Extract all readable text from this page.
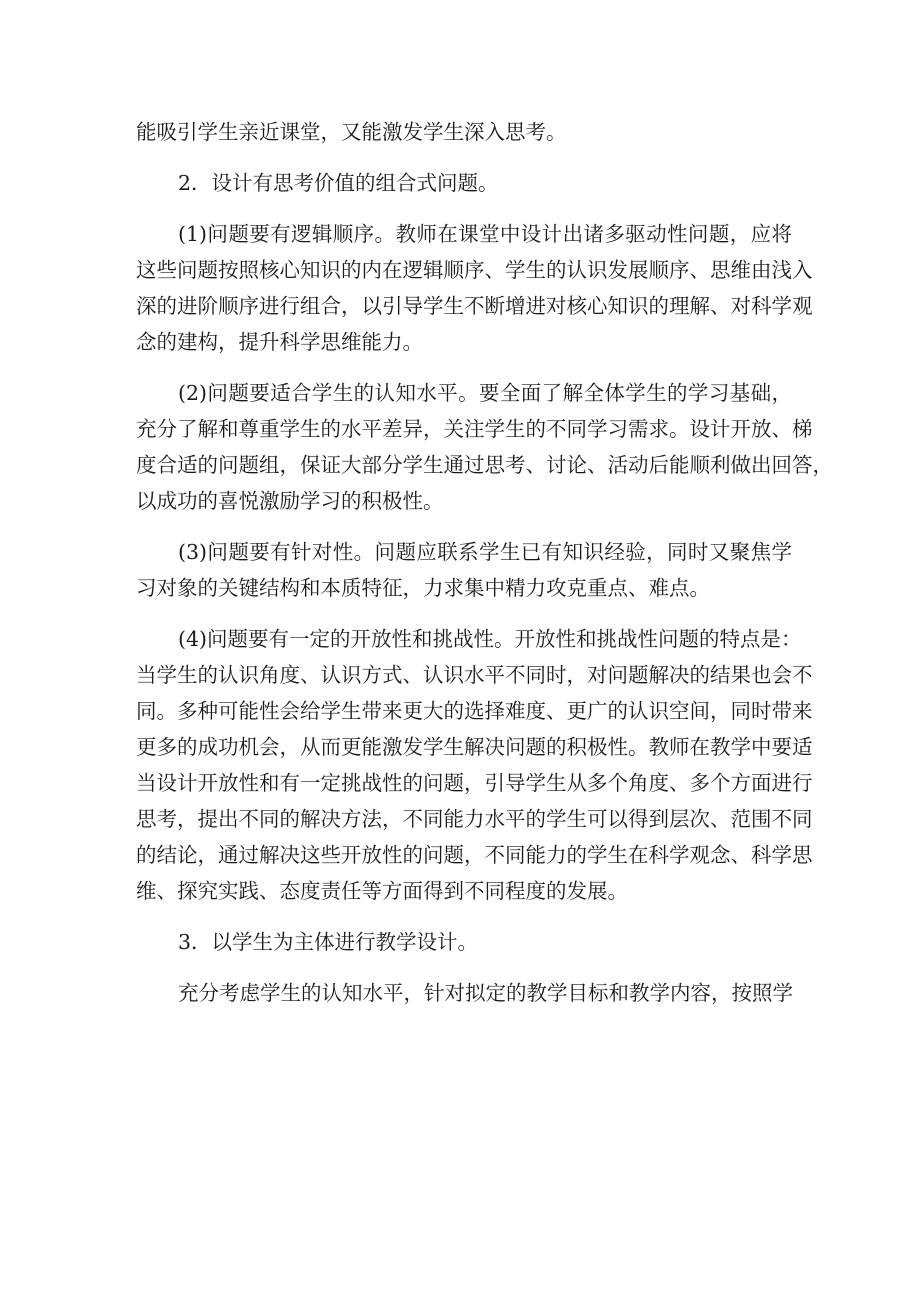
能吸引学生亲近课堂，又能激发学生深入思考。
2．设计有思考价值的组合式问题。
(1)问题要有逻辑顺序。教师在课堂中设计出诸多驱动性问题，应将
这些问题按照核心知识的内在逻辑顺序、学生的认识发展顺序、思维由浅入
深的进阶顺序进行组合，以引导学生不断增进对核心知识的理解、对科学观
念的建构，提升科学思维能力。
(2)问题要适合学生的认知水平。要全面了解全体学生的学习基础，
充分了解和尊重学生的水平差异，关注学生的不同学习需求。设计开放、梯
度合适的问题组，保证大部分学生通过思考、讨论、活动后能顺利做出回答，
以成功的喜悦激励学习的积极性。
(3)问题要有针对性。问题应联系学生已有知识经验，同时又聚焦学
习对象的关键结构和本质特征，力求集中精力攻克重点、难点。
(4)问题要有一定的开放性和挑战性。开放性和挑战性问题的特点是：
当学生的认识角度、认识方式、认识水平不同时，对问题解决的结果也会不
同。多种可能性会给学生带来更大的选择难度、更广的认识空间，同时带来
更多的成功机会，从而更能激发学生解决问题的积极性。教师在教学中要适
当设计开放性和有一定挑战性的问题，引导学生从多个角度、多个方面进行
思考，提出不同的解决方法，不同能力水平的学生可以得到层次、范围不同
的结论，通过解决这些开放性的问题，不同能力的学生在科学观念、科学思
维、探究实践、态度责任等方面得到不同程度的发展。
3．以学生为主体进行教学设计。
充分考虑学生的认知水平，针对拟定的教学目标和教学内容，按照学
